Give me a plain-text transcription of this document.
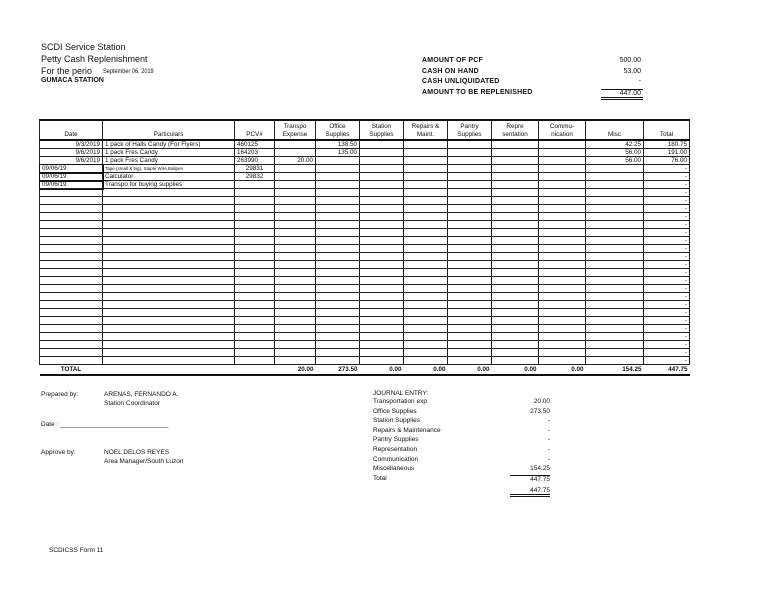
SCDI Service Station
Petty Cash Replenishment
For the perio September 06, 2019
GUMACA STATION
AMOUNT OF PCF	500.00
CASH ON HAND	53.00
CASH UNLIQUIDATED	-
AMOUNT TO BE REPLENISHED	447.00
Date	Particulars	PCV#	Transpo Expense	Office Supplies	Station Supplies	Repairs & Maint.	Pantry Supplies	Repre sentation	Commu- nication	Misc	Total
9/3/2019	1 pack of Halls Candy (For Flyers)	460125		138.50						42.25	180.75
9/6/2019	1 pack Fres Candy	164203		135.00						56.00	191.00
9/6/2019	1 pack Fres Candy	263990	20.00							56.00	76.00
09/06/19	Tape (small & big), Staple Wire,Ballpen	29831									-
09/06/19	Calculator	29832									-
09/06/19	Transpo for buying supplies										-
											-
											-
											-
											-
											-
											-
											-
											-
											-
											-
											-
											-
											-
											-
											-
											-
											-
											-
											-
											-
											-
											-
TOTAL			20.00	273.50	0.00	0.00	0.00	0.00	0.00	154.25	447.75
Prepared by:	ARENAS, FERNANDO A.
Station Coordinator
Date : ______________________________
Approve by:	NOEL DELOS REYES
Area Manager/South Luzon
JOURNAL ENTRY:
Transportation exp	20.00
Office Supplies	273.50
Station Supplies	-
Repairs & Maintenance	-
Pantry Supplies	-
Representation	-
Communication	-
Miscellaneous	154.25
Total	447.75
447.75
SCDICSS Form 11
